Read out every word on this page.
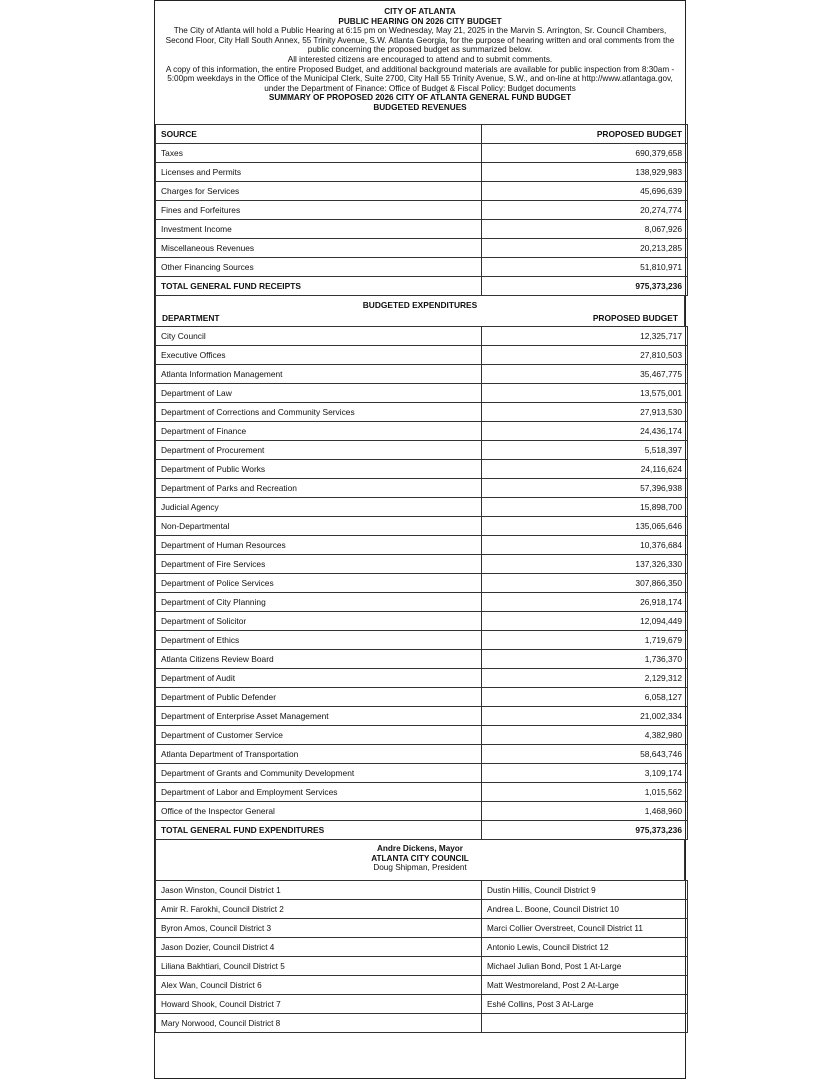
CITY OF ATLANTA
PUBLIC HEARING ON 2026 CITY BUDGET
The City of Atlanta will hold a Public Hearing at 6:15 pm on Wednesday, May 21, 2025 in the Marvin S. Arrington, Sr. Council Chambers, Second Floor, City Hall South Annex, 55 Trinity Avenue, S.W. Atlanta Georgia, for the purpose of hearing written and oral comments from the public concerning the proposed budget as summarized below.
All interested citizens are encouraged to attend and to submit comments.
A copy of this information, the entire Proposed Budget, and additional background materials are available for public inspection from 8:30am - 5:00pm weekdays in the Office of the Municipal Clerk, Suite 2700, City Hall 55 Trinity Avenue, S.W., and on-line at http://www.atlantaga.gov, under the Department of Finance: Office of Budget & Fiscal Policy: Budget documents
SUMMARY OF PROPOSED 2026 CITY OF ATLANTA GENERAL FUND BUDGET
BUDGETED REVENUES
SOURCE	PROPOSED BUDGET
Taxes	690,379,658
Licenses and Permits	138,929,983
Charges for Services	45,696,639
Fines and Forfeitures	20,274,774
Investment Income	8,067,926
Miscellaneous Revenues	20,213,285
Other Financing Sources	51,810,971
TOTAL GENERAL FUND RECEIPTS	975,373,236
BUDGETED EXPENDITURES
DEPARTMENT	PROPOSED BUDGET
City Council	12,325,717
Executive Offices	27,810,503
Atlanta Information Management	35,467,775
Department of Law	13,575,001
Department of Corrections and Community Services	27,913,530
Department of Finance	24,436,174
Department of Procurement	5,518,397
Department of Public Works	24,116,624
Department of Parks and Recreation	57,396,938
Judicial Agency	15,898,700
Non-Departmental	135,065,646
Department of Human Resources	10,376,684
Department of Fire Services	137,326,330
Department of Police Services	307,866,350
Department of City Planning	26,918,174
Department of Solicitor	12,094,449
Department of Ethics	1,719,679
Atlanta Citizens Review Board	1,736,370
Department of Audit	2,129,312
Department of Public Defender	6,058,127
Department of Enterprise Asset Management	21,002,334
Department of Customer Service	4,382,980
Atlanta Department of Transportation	58,643,746
Department of Grants and Community Development	3,109,174
Department of Labor and Employment Services	1,015,562
Office of the Inspector General	1,468,960
TOTAL GENERAL FUND EXPENDITURES	975,373,236
Andre Dickens, Mayor
ATLANTA CITY COUNCIL
Doug Shipman, President
Jason Winston, Council District 1	Dustin Hillis, Council District 9
Amir R. Farokhi, Council District 2	Andrea L. Boone, Council District 10
Byron Amos, Council District 3	Marci Collier Overstreet, Council District 11
Jason Dozier, Council District 4	Antonio Lewis, Council District 12
Liliana Bakhtiari, Council District 5	Michael Julian Bond, Post 1 At-Large
Alex Wan, Council District 6	Matt Westmoreland, Post 2 At-Large
Howard Shook, Council District 7	Eshé Collins, Post 3 At-Large
Mary Norwood, Council District 8	
